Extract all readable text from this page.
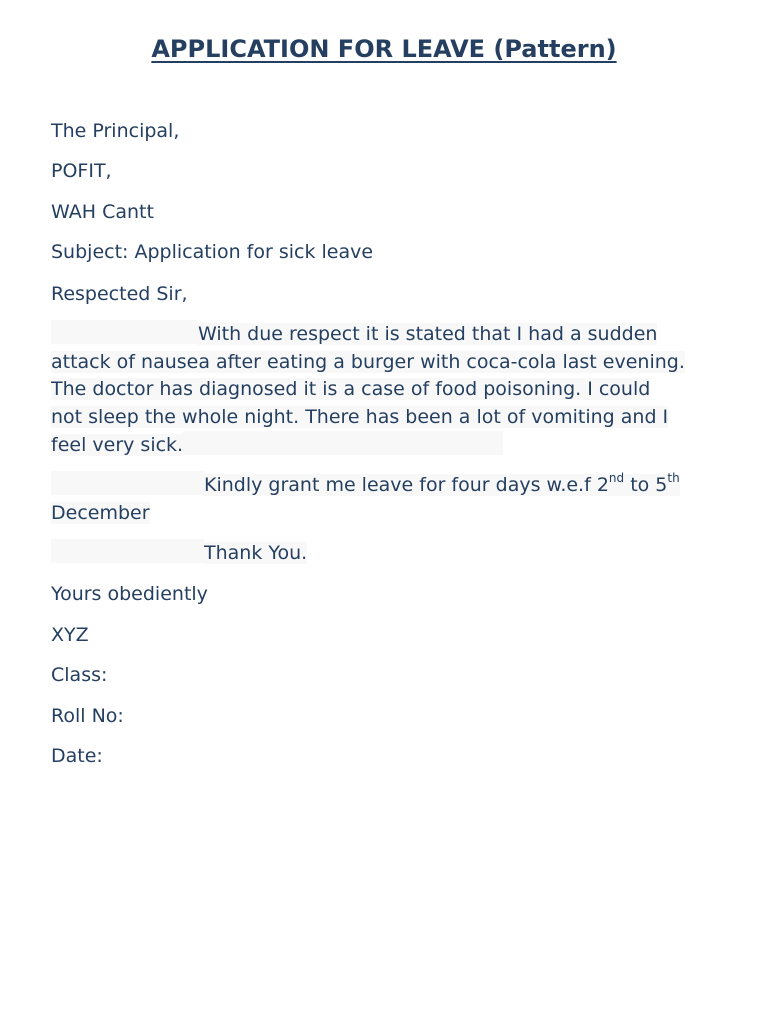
APPLICATION FOR LEAVE (Pattern)
The Principal,
POFIT,
WAH Cantt
Subject: Application for sick leave
Respected Sir,
With due respect it is stated that I had a sudden
attack of nausea after eating a burger with coca-cola last evening.
The doctor has diagnosed it is a case of food poisoning. I could
not sleep the whole night. There has been a lot of vomiting and I
feel very sick.
Kindly grant me leave for four days w.e.f 2nd to 5th
December
Thank You.
Yours obediently
XYZ
Class:
Roll No:
Date:
